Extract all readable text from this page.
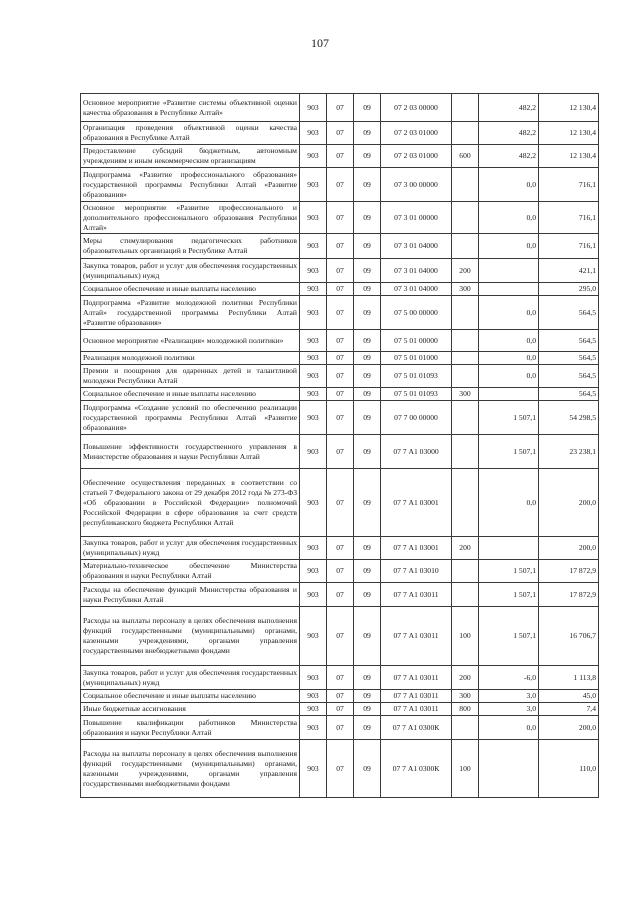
107
Основное мероприятие «Развитие системы объективной оценки качества образования в Республике Алтай»	903	07	09	07 2 03 00000		482,2	12 130,4
Организация проведения объективной оценки качества образования в Республике Алтай	903	07	09	07 2 03 01000		482,2	12 130,4
Предоставление субсидий бюджетным, автономным учреждениям и иным некоммерческим организациям	903	07	09	07 2 03 01000	600	482,2	12 130,4
Подпрограмма «Развитие профессионального образования» государственной программы Республики Алтай «Развитие образования»	903	07	09	07 3 00 00000		0,0	716,1
Основное мероприятие «Развитие профессионального и дополнительного профессионального образования Республики Алтай»	903	07	09	07 3 01 00000		0,0	716,1
Меры стимулирования педагогических работников образовательных организаций в Республике Алтай	903	07	09	07 3 01 04000		0,0	716,1
Закупка товаров, работ и услуг для обеспечения государственных (муниципальных) нужд	903	07	09	07 3 01 04000	200		421,1
Социальное обеспечение и иные выплаты населению	903	07	09	07 3 01 04000	300		295,0
Подпрограмма «Развитие молодежной политики Республики Алтай» государственной программы Республики Алтай «Развитие образования»	903	07	09	07 5 00 00000		0,0	564,5
Основное мероприятие «Реализация» молодежной политики»	903	07	09	07 5 01 00000		0,0	564,5
Реализация молодежной политики	903	07	09	07 5 01 01000		0,0	564,5
Премии и поощрения для одаренных детей и талантливой молодежи Республики Алтай	903	07	09	07 5 01 01093		0,0	564,5
Социальное обеспечение и иные выплаты населению	903	07	09	07 5 01 01093	300		564,5
Подпрограмма «Создание условий по обеспечению реализации государственной программы Республики Алтай «Развитие образования»	903	07	09	07 7 00 00000		1 507,1	54 298,5
Повышение эффективности государственного управления в Министерстве образования и науки Республики Алтай	903	07	09	07 7 А1 03000		1 507,1	23 238,1
Обеспечение осуществления переданных в соответствии со статьей 7 Федерального закона от 29 декабря 2012 года № 273-ФЗ «Об образовании в Российской Федерации» полномочий Российской Федерации в сфере образования за счет средств республиканского бюджета Республики Алтай	903	07	09	07 7 А1 03001		0,0	200,0
Закупка товаров, работ и услуг для обеспечения государственных (муниципальных) нужд	903	07	09	07 7 А1 03001	200		200,0
Материально-техническое обеспечение Министерства образования и науки Республики Алтай	903	07	09	07 7 А1 03010		1 507,1	17 872,9
Расходы на обеспечение функций Министерства образования и науки Республики Алтай	903	07	09	07 7 А1 03011		1 507,1	17 872,9
Расходы на выплаты персоналу в целях обеспечения выполнения функций государственными (муниципальными) органами, казенными учреждениями, органами управления государственными внебюджетными фондами	903	07	09	07 7 А1 03011	100	1 507,1	16 706,7
Закупка товаров, работ и услуг для обеспечения государственных (муниципальных) нужд	903	07	09	07 7 А1 03011	200	-6,0	1 113,8
Социальное обеспечение и иные выплаты населению	903	07	09	07 7 А1 03011	300	3,0	45,0
Иные бюджетные ассигнования	903	07	09	07 7 А1 03011	800	3,0	7,4
Повышение квалификации работников Министерства образования и науки Республики Алтай	903	07	09	07 7 А1 0300К		0,0	200,0
Расходы на выплаты персоналу в целях обеспечения выполнения функций государственными (муниципальными) органами, казенными учреждениями, органами управления государственными внебюджетными фондами	903	07	09	07 7 А1 0300К	100		110,0
